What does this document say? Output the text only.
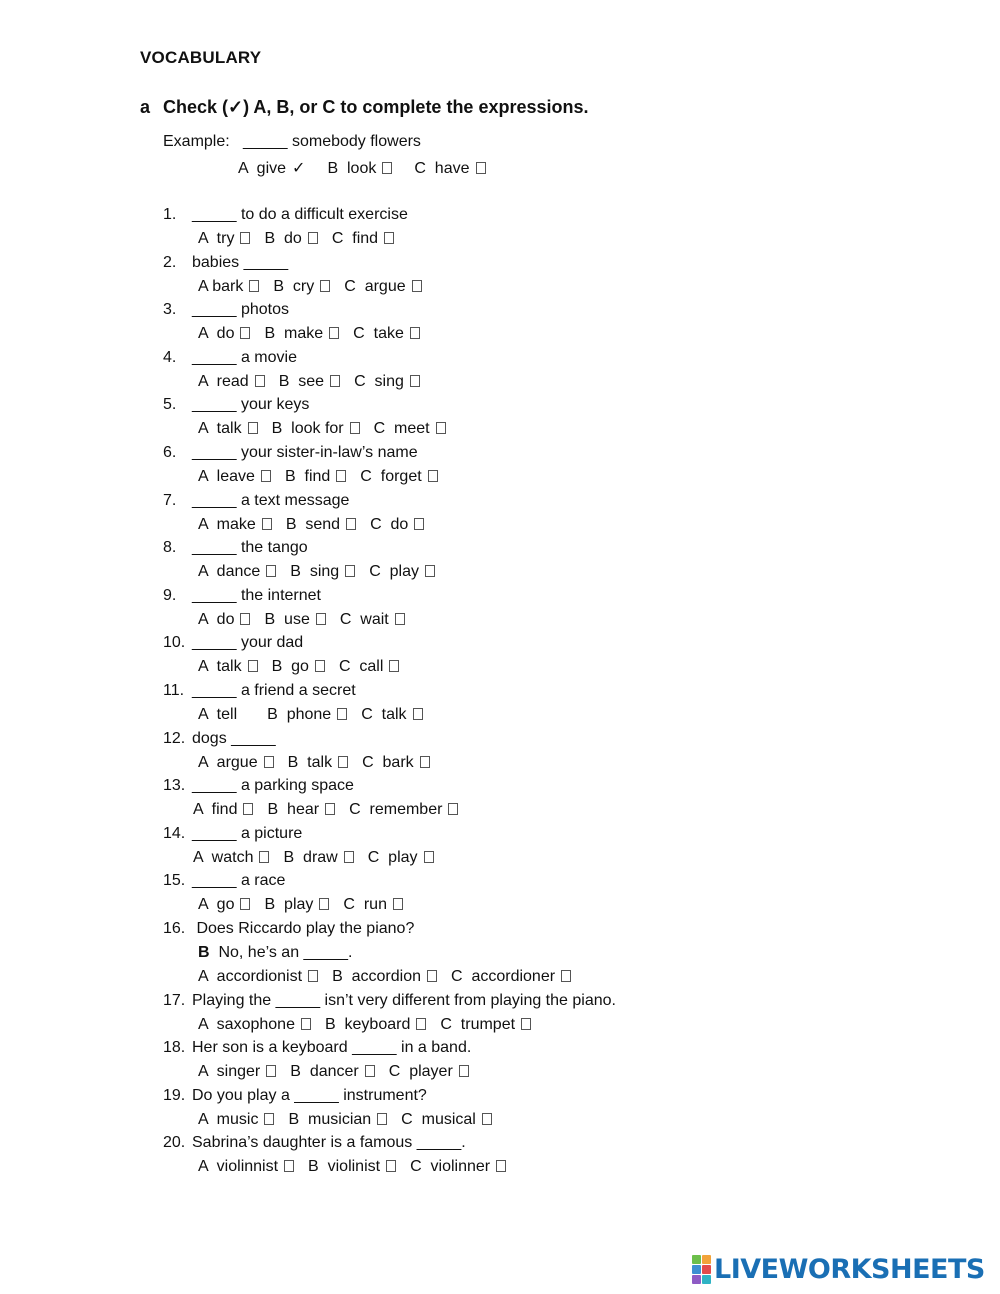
VOCABULARY
a Check (✓) A, B, or C to complete the expressions.
Example:   _____ somebody flowers
A  give ✓ B  look C  have
1. _____ to do a difficult exercise
A  try B  do C  find
2. babies _____
A bark B  cry C  argue
3. _____ photos
A  do B  make C  take
4. _____ a movie
A  read B  see C  sing
5. _____ your keys
A  talk B  look for C  meet
6. _____ your sister-in-law’s name
A  leave B  find C  forget
7. _____ a text message
A  make B  send C  do
8. _____ the tango
A  dance B  sing C  play
9. _____ the internet
A  do B  use C  wait
10. _____ your dad
A  talk B  go C  call
11. _____ a friend a secret
A  tell B  phone C  talk
12. dogs _____
A  argue B  talk C  bark
13. _____ a parking space
A  find B  hear C  remember
14. _____ a picture
A  watch B  draw C  play
15. _____ a race
A  go B  play C  run
16. Does Riccardo play the piano?
B  No, he’s an _____.
A  accordionist B  accordion C  accordioner
17. Playing the _____ isn’t very different from playing the piano.
A  saxophone B  keyboard C  trumpet
18. Her son is a keyboard _____ in a band.
A  singer B  dancer C  player
19. Do you play a _____ instrument?
A  music B  musician C  musical
20. Sabrina’s daughter is a famous _____.
A  violinnist B  violinist C  violinner
LIVEWORKSHEETS
